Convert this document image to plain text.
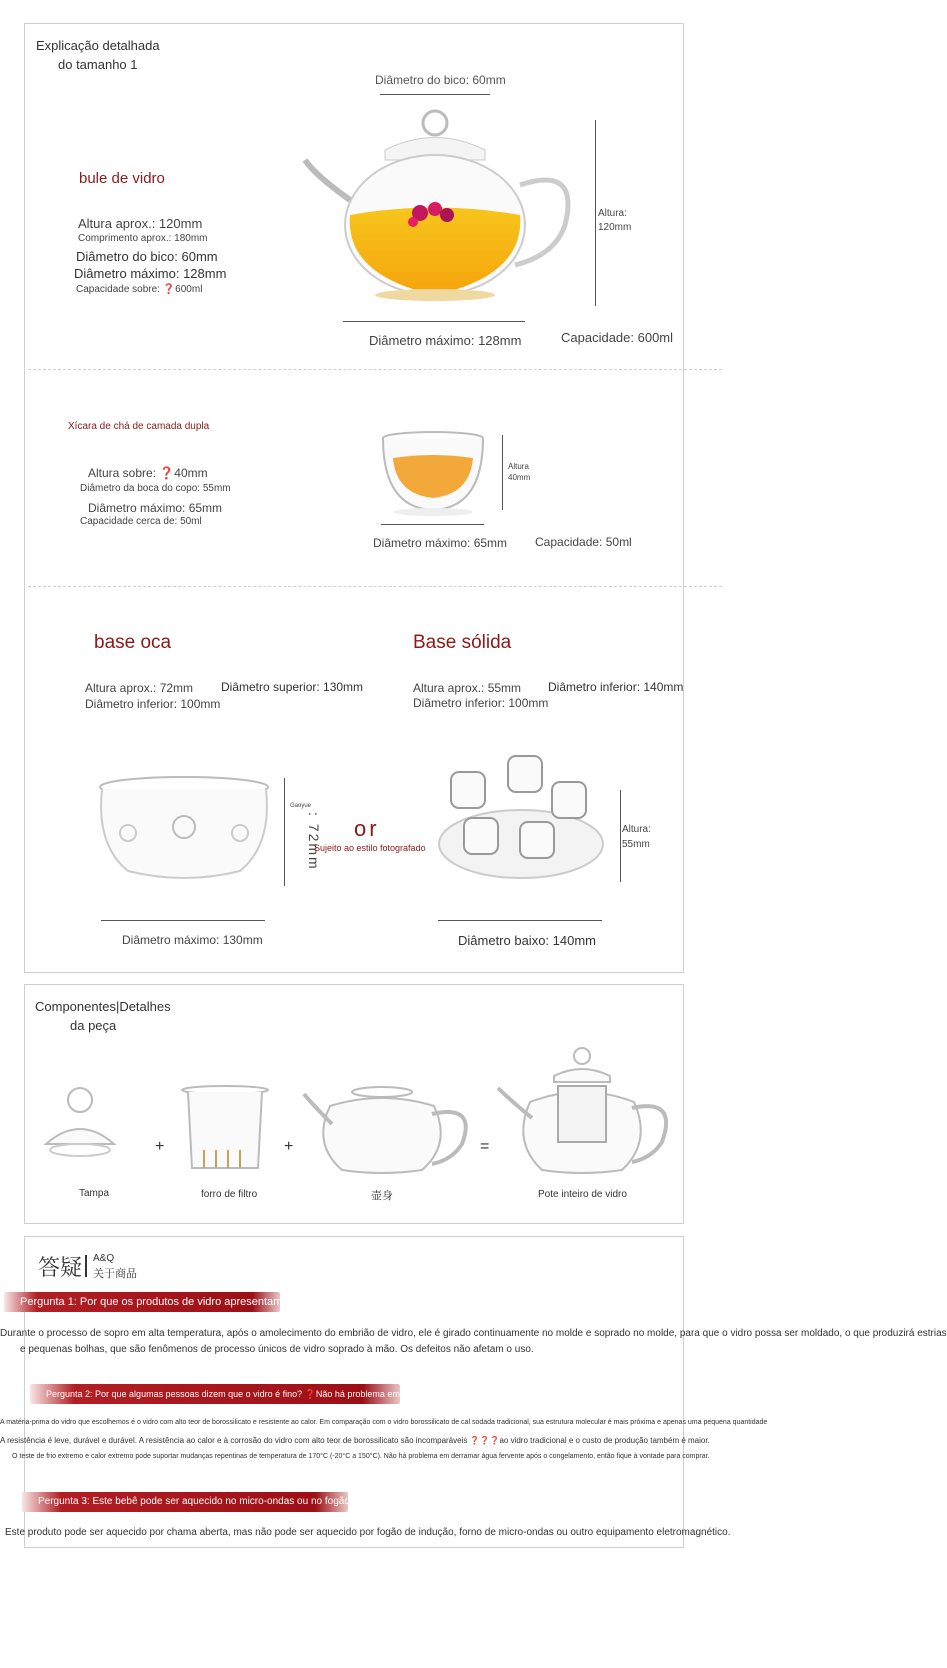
Explicação detalhada
do tamanho 1
bule de vidro
Altura aprox.: 120mm
Comprimento aprox.: 180mm
Diâmetro do bico: 60mm
Diâmetro máximo: 128mm
Capacidade sobre: ❓600ml
Diâmetro do bico: 60mm
Altura:
120mm
Diâmetro máximo: 128mm	Capacidade: 600ml
Xícara de chá de camada dupla
Altura sobre: ❓40mm
Diâmetro da boca do copo: 55mm
Diâmetro máximo: 65mm
Capacidade cerca de: 50ml
Altura
40mm
Diâmetro máximo: 65mm Capacidade: 50ml
base oca
Altura aprox.: 72mm
Diâmetro inferior: 100mm
Diâmetro superior: 130mm
Gaoyue
: 72mm
Diâmetro máximo: 130mm
or
Sujeito ao estilo fotografado
Base sólida
Altura aprox.: 55mm
Diâmetro inferior: 100mm
Diâmetro inferior: 140mm
Altura:
55mm
Diâmetro baixo: 140mm
Componentes|Detalhes
da peça
Tampa
+
forro de filtro
+
壶身
=
Pote inteiro de vidro
答疑 A&Q
关于商品
Pergunta 1: Por que os produtos de vidro apresentam estrias e pequenas bolhas?
Durante o processo de sopro em alta temperatura, após o amolecimento do embrião de vidro, ele é girado continuamente no molde e soprado no molde, para que o vidro possa ser moldado, o que produzirá estrias
e pequenas bolhas, que são fenômenos de processo únicos de vidro soprado à mão. Os defeitos não afetam o uso.
Pergunta 2: Por que algumas pessoas dizem que o vidro é fino? ❓Não há problema em colocar água quente nele?
A matéria-prima do vidro que escolhemos é o vidro com alto teor de borossilicato e resistente ao calor. Em comparação com o vidro borossilicato de cal sodada tradicional, sua estrutura molecular é mais próxima e apenas uma pequena quantidade
A resistência é leve, durável e durável. A resistência ao calor e à corrosão do vidro com alto teor de borossilicato são incomparáveis ❓❓❓ao vidro tradicional e o custo de produção também é maior.
O teste de frio extremo e calor extremo pode suportar mudanças repentinas de temperatura de 170°C (-20°C a 150°C). Não há problema em derramar água fervente após o congelamento, então fique à vontade para comprar.
Pergunta 3: Este bebê pode ser aquecido no micro-ondas ou no fogão de indução?
Este produto pode ser aquecido por chama aberta, mas não pode ser aquecido por fogão de indução, forno de micro-ondas ou outro equipamento eletromagnético.
